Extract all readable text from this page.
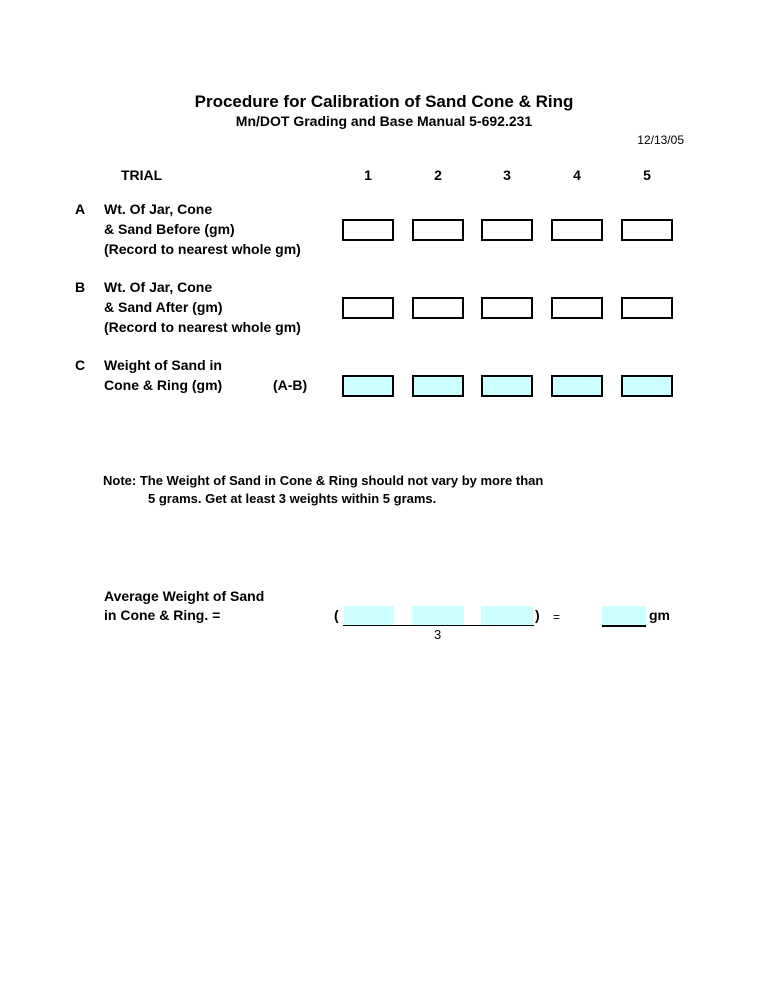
Procedure for Calibration of Sand Cone & Ring
Mn/DOT Grading and Base Manual 5-692.231
12/13/05
TRIAL	1	2	3	4	5
A Wt. Of Jar, Cone
& Sand Before (gm)
(Record to nearest whole gm)
B Wt. Of Jar, Cone
& Sand After (gm)
(Record to nearest whole gm)
C Weight of Sand in
Cone & Ring (gm)	(A-B)
Note: The Weight of Sand in Cone & Ring should not vary by more than
5 grams. Get at least 3 weights within 5 grams.
Average Weight of Sand
in Cone & Ring. =	(	) =
3
gm
